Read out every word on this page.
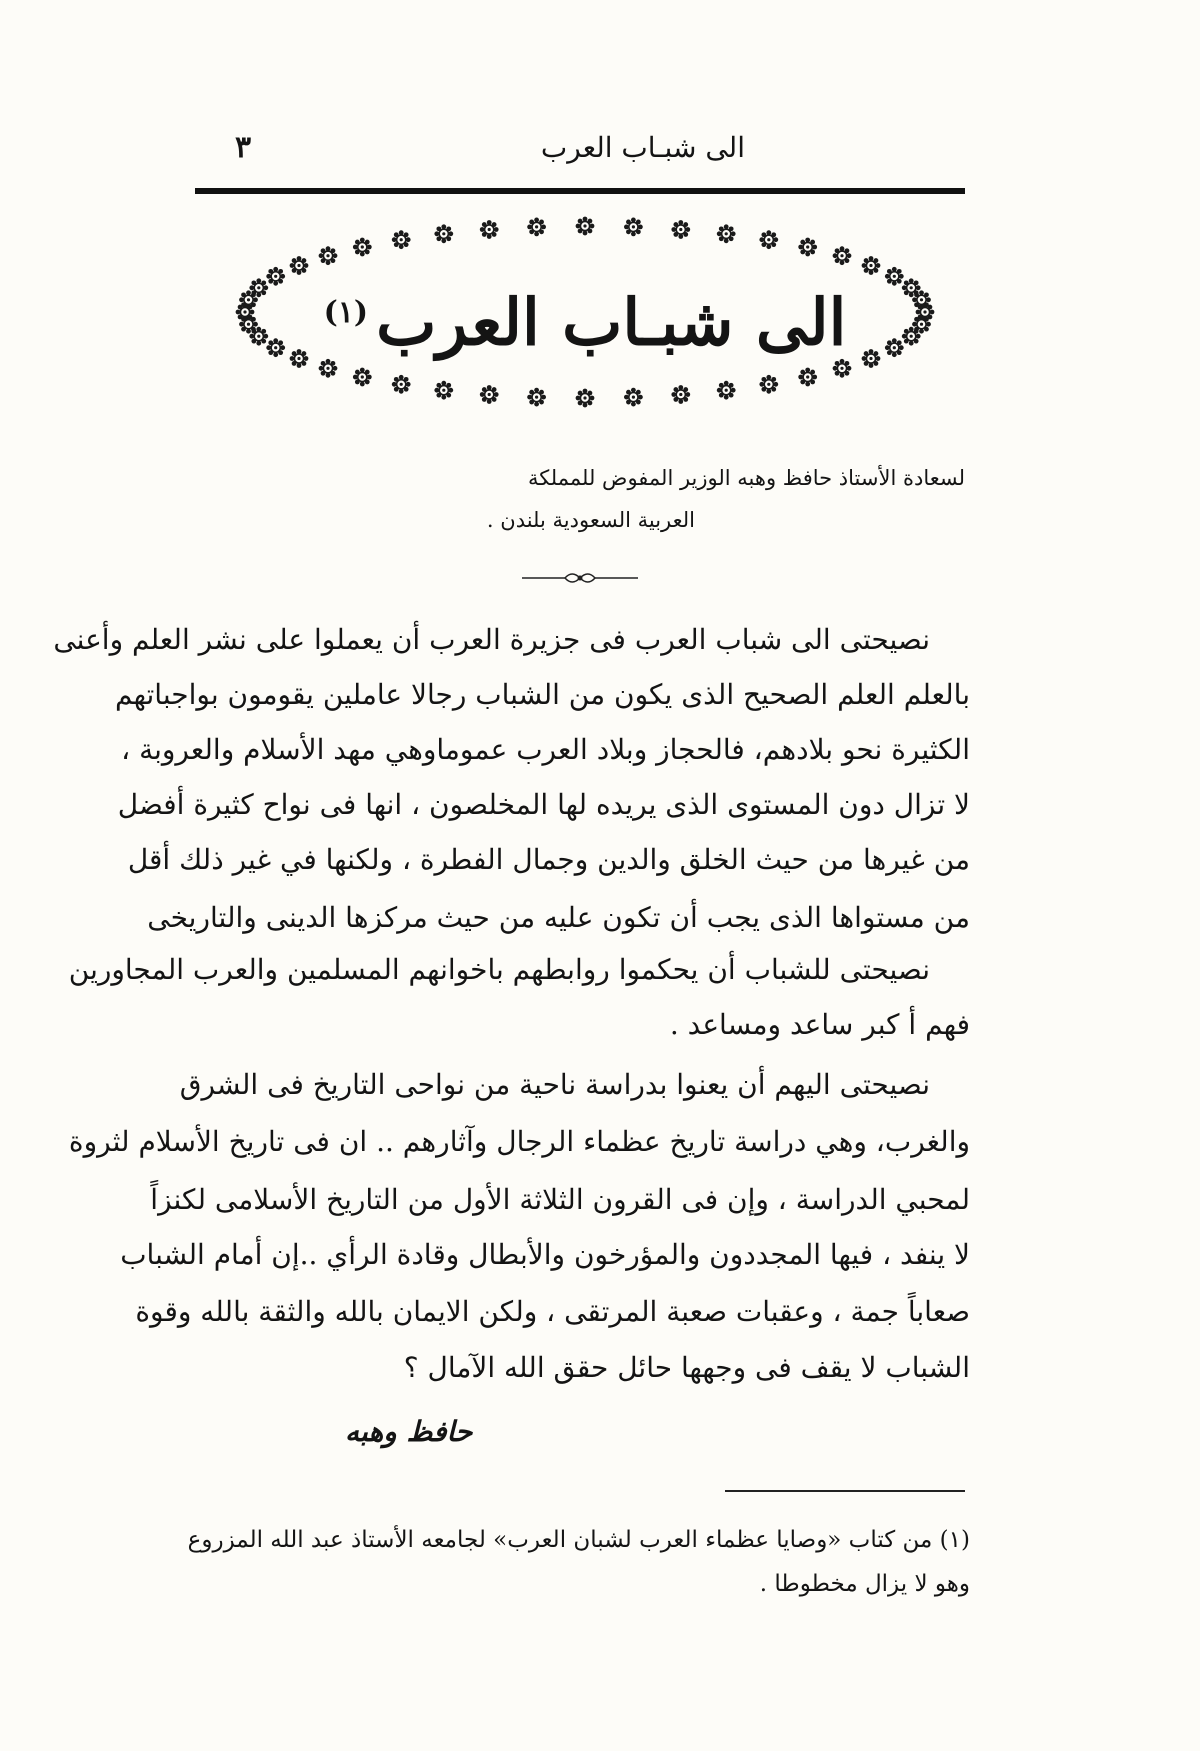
الى شبـاب العرب
٣
الى شبـاب العرب$^{(١)}$
لسعادة الأستاذ حافظ وهبه الوزير المفوض للمملكة
العربية السعودية بلندن .
نصيحتى الى شباب العرب فى جزيرة العرب أن يعملوا على نشر العلم وأعنى
بالعلم العلم الصحيح الذى يكون من الشباب رجالا عاملين يقومون بواجباتهم
الكثيرة نحو بلادهم، فالحجاز وبلاد العرب عموماوهي مهد الأسلام والعروبة ،
لا تزال دون المستوى الذى يريده لها المخلصون ، انها فى نواح كثيرة أفضل
من غيرها من حيث الخلق والدين وجمال الفطرة ، ولكنها في غير ذلك أقل
من مستواها الذى يجب أن تكون عليه من حيث مركزها الدينى والتاريخى
نصيحتى للشباب أن يحكموا روابطهم باخوانهم المسلمين والعرب المجاورين
فهم أ كبر ساعد ومساعد .
نصيحتى اليهم أن يعنوا بدراسة ناحية من نواحى التاريخ فى الشرق
والغرب، وهي دراسة تاريخ عظماء الرجال وآثارهم .. ان فى تاريخ الأسلام لثروة
لمحبي الدراسة ، وإن فى القرون الثلاثة الأول من التاريخ الأسلامى لكنزاً
لا ينفد ، فيها المجددون والمؤرخون والأبطال وقادة الرأي ..إن أمام الشباب
صعاباً جمة ، وعقبات صعبة المرتقى ، ولكن الايمان بالله والثقة بالله وقوة
الشباب لا يقف فى وجهها حائل حقق الله الآمال ؟
حافظ وهبه
(١) من كتاب «وصايا عظماء العرب لشبان العرب» لجامعه الأستاذ عبد الله المزروع
وهو لا يزال مخطوطا .
